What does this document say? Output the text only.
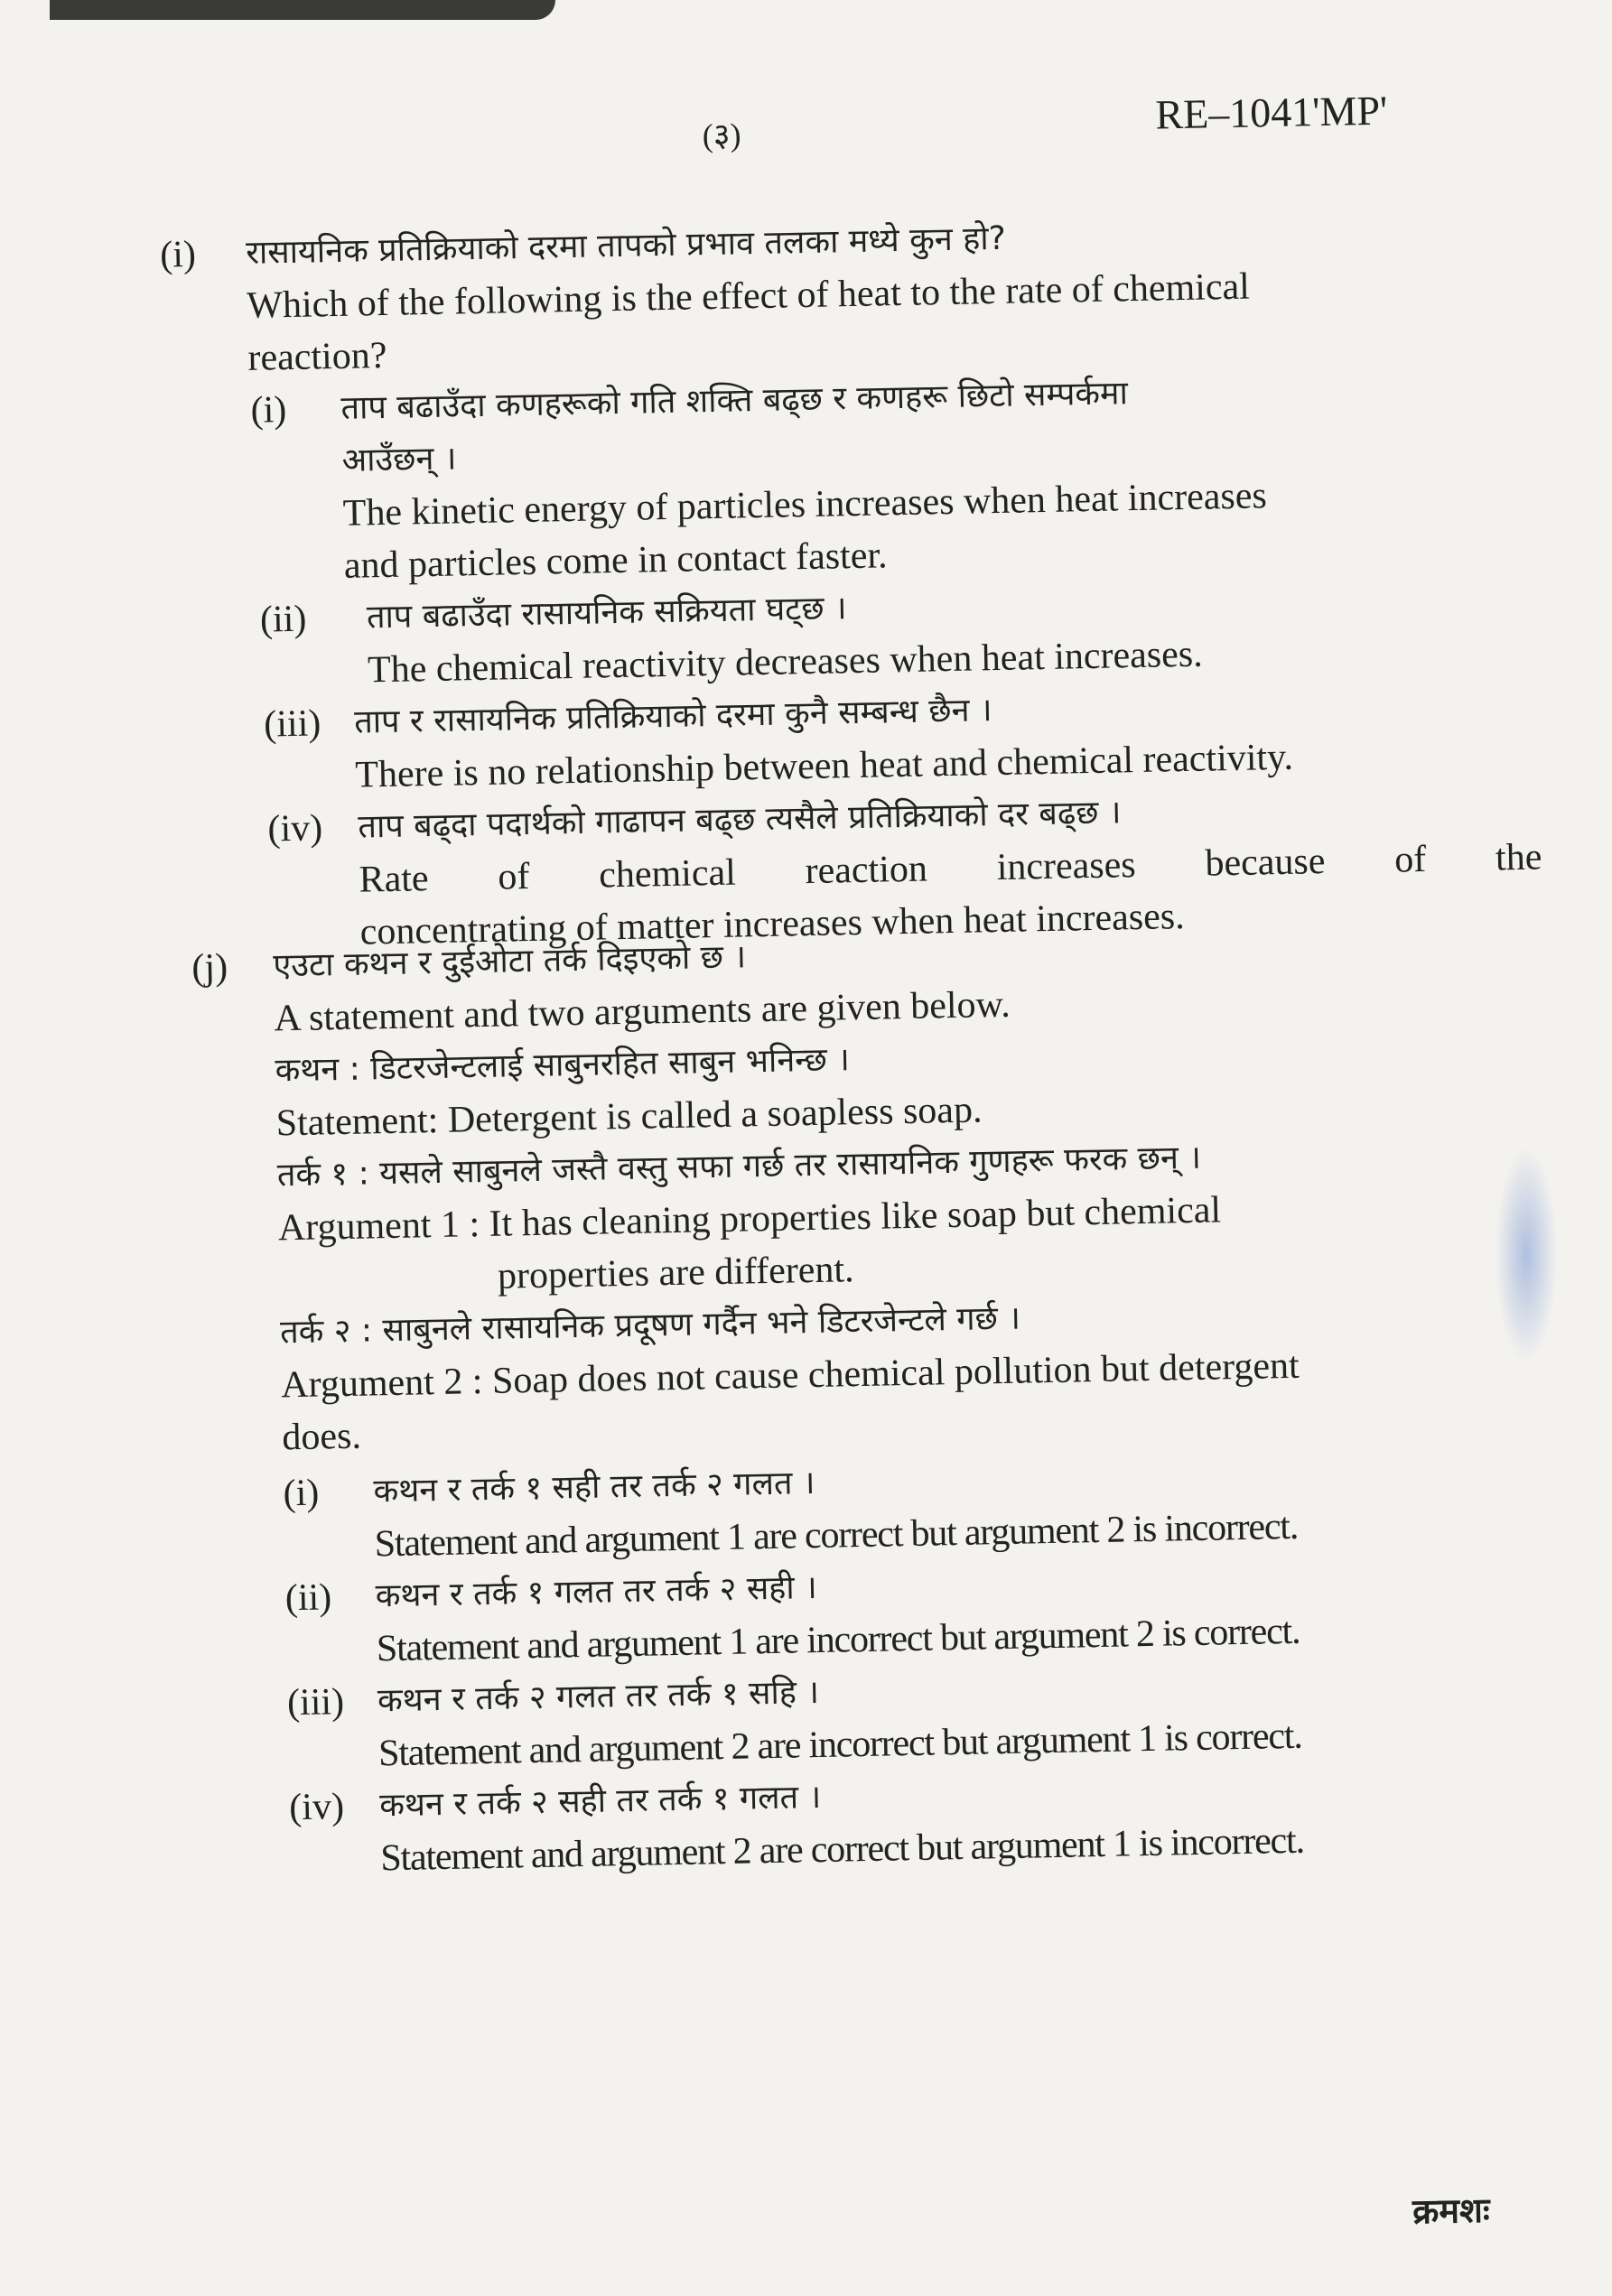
(३)	RE–1041'MP'
(i)	रासायनिक प्रतिक्रियाको दरमा तापको प्रभाव तलका मध्ये कुन हो?
Which of the following is the effect of heat to the rate of chemical
reaction?
(i) ताप बढाउँदा कणहरूको गति शक्ति बढ्छ र कणहरू छिटो सम्पर्कमा
आउँछन् ।
The kinetic energy of particles increases when heat increases
and particles come in contact faster.
(ii)	ताप बढाउँदा रासायनिक सक्रियता घट्छ ।
The chemical reactivity decreases when heat increases.
(iii) ताप र रासायनिक प्रतिक्रियाको दरमा कुनै सम्बन्ध छैन ।
There is no relationship between heat and chemical reactivity.
(iv) ताप बढ्दा पदार्थको गाढापन बढ्छ त्यसैले प्रतिक्रियाको दर बढ्छ ।
Rate of chemical reaction increases because of the
concentrating of matter increases when heat increases.
(j)	एउटा कथन र दुईओटा तर्क दिइएको छ ।
A statement and two arguments are given below.
कथन : डिटरजेन्टलाई साबुनरहित साबुन भनिन्छ ।
Statement: Detergent is called a soapless soap.
तर्क १ : यसले साबुनले जस्तै वस्तु सफा गर्छ तर रासायनिक गुणहरू फरक छन् ।
Argument 1 : It has cleaning properties like soap but chemical
properties are different.
तर्क २ : साबुनले रासायनिक प्रदूषण गर्दैन भने डिटरजेन्टले गर्छ ।
Argument 2 : Soap does not cause chemical pollution but detergent
does.
(i) कथन र तर्क १ सही तर तर्क २ गलत ।
Statement and argument 1 are correct but argument 2 is incorrect.
(ii) कथन र तर्क १ गलत तर तर्क २ सही ।
Statement and argument 1 are incorrect but argument 2 is correct.
(iii) कथन र तर्क २ गलत तर तर्क १ सहि ।
Statement and argument 2 are incorrect but argument 1 is correct.
(iv) कथन र तर्क २ सही तर तर्क १ गलत ।
Statement and argument 2 are correct but argument 1 is incorrect.
क्रमशः
